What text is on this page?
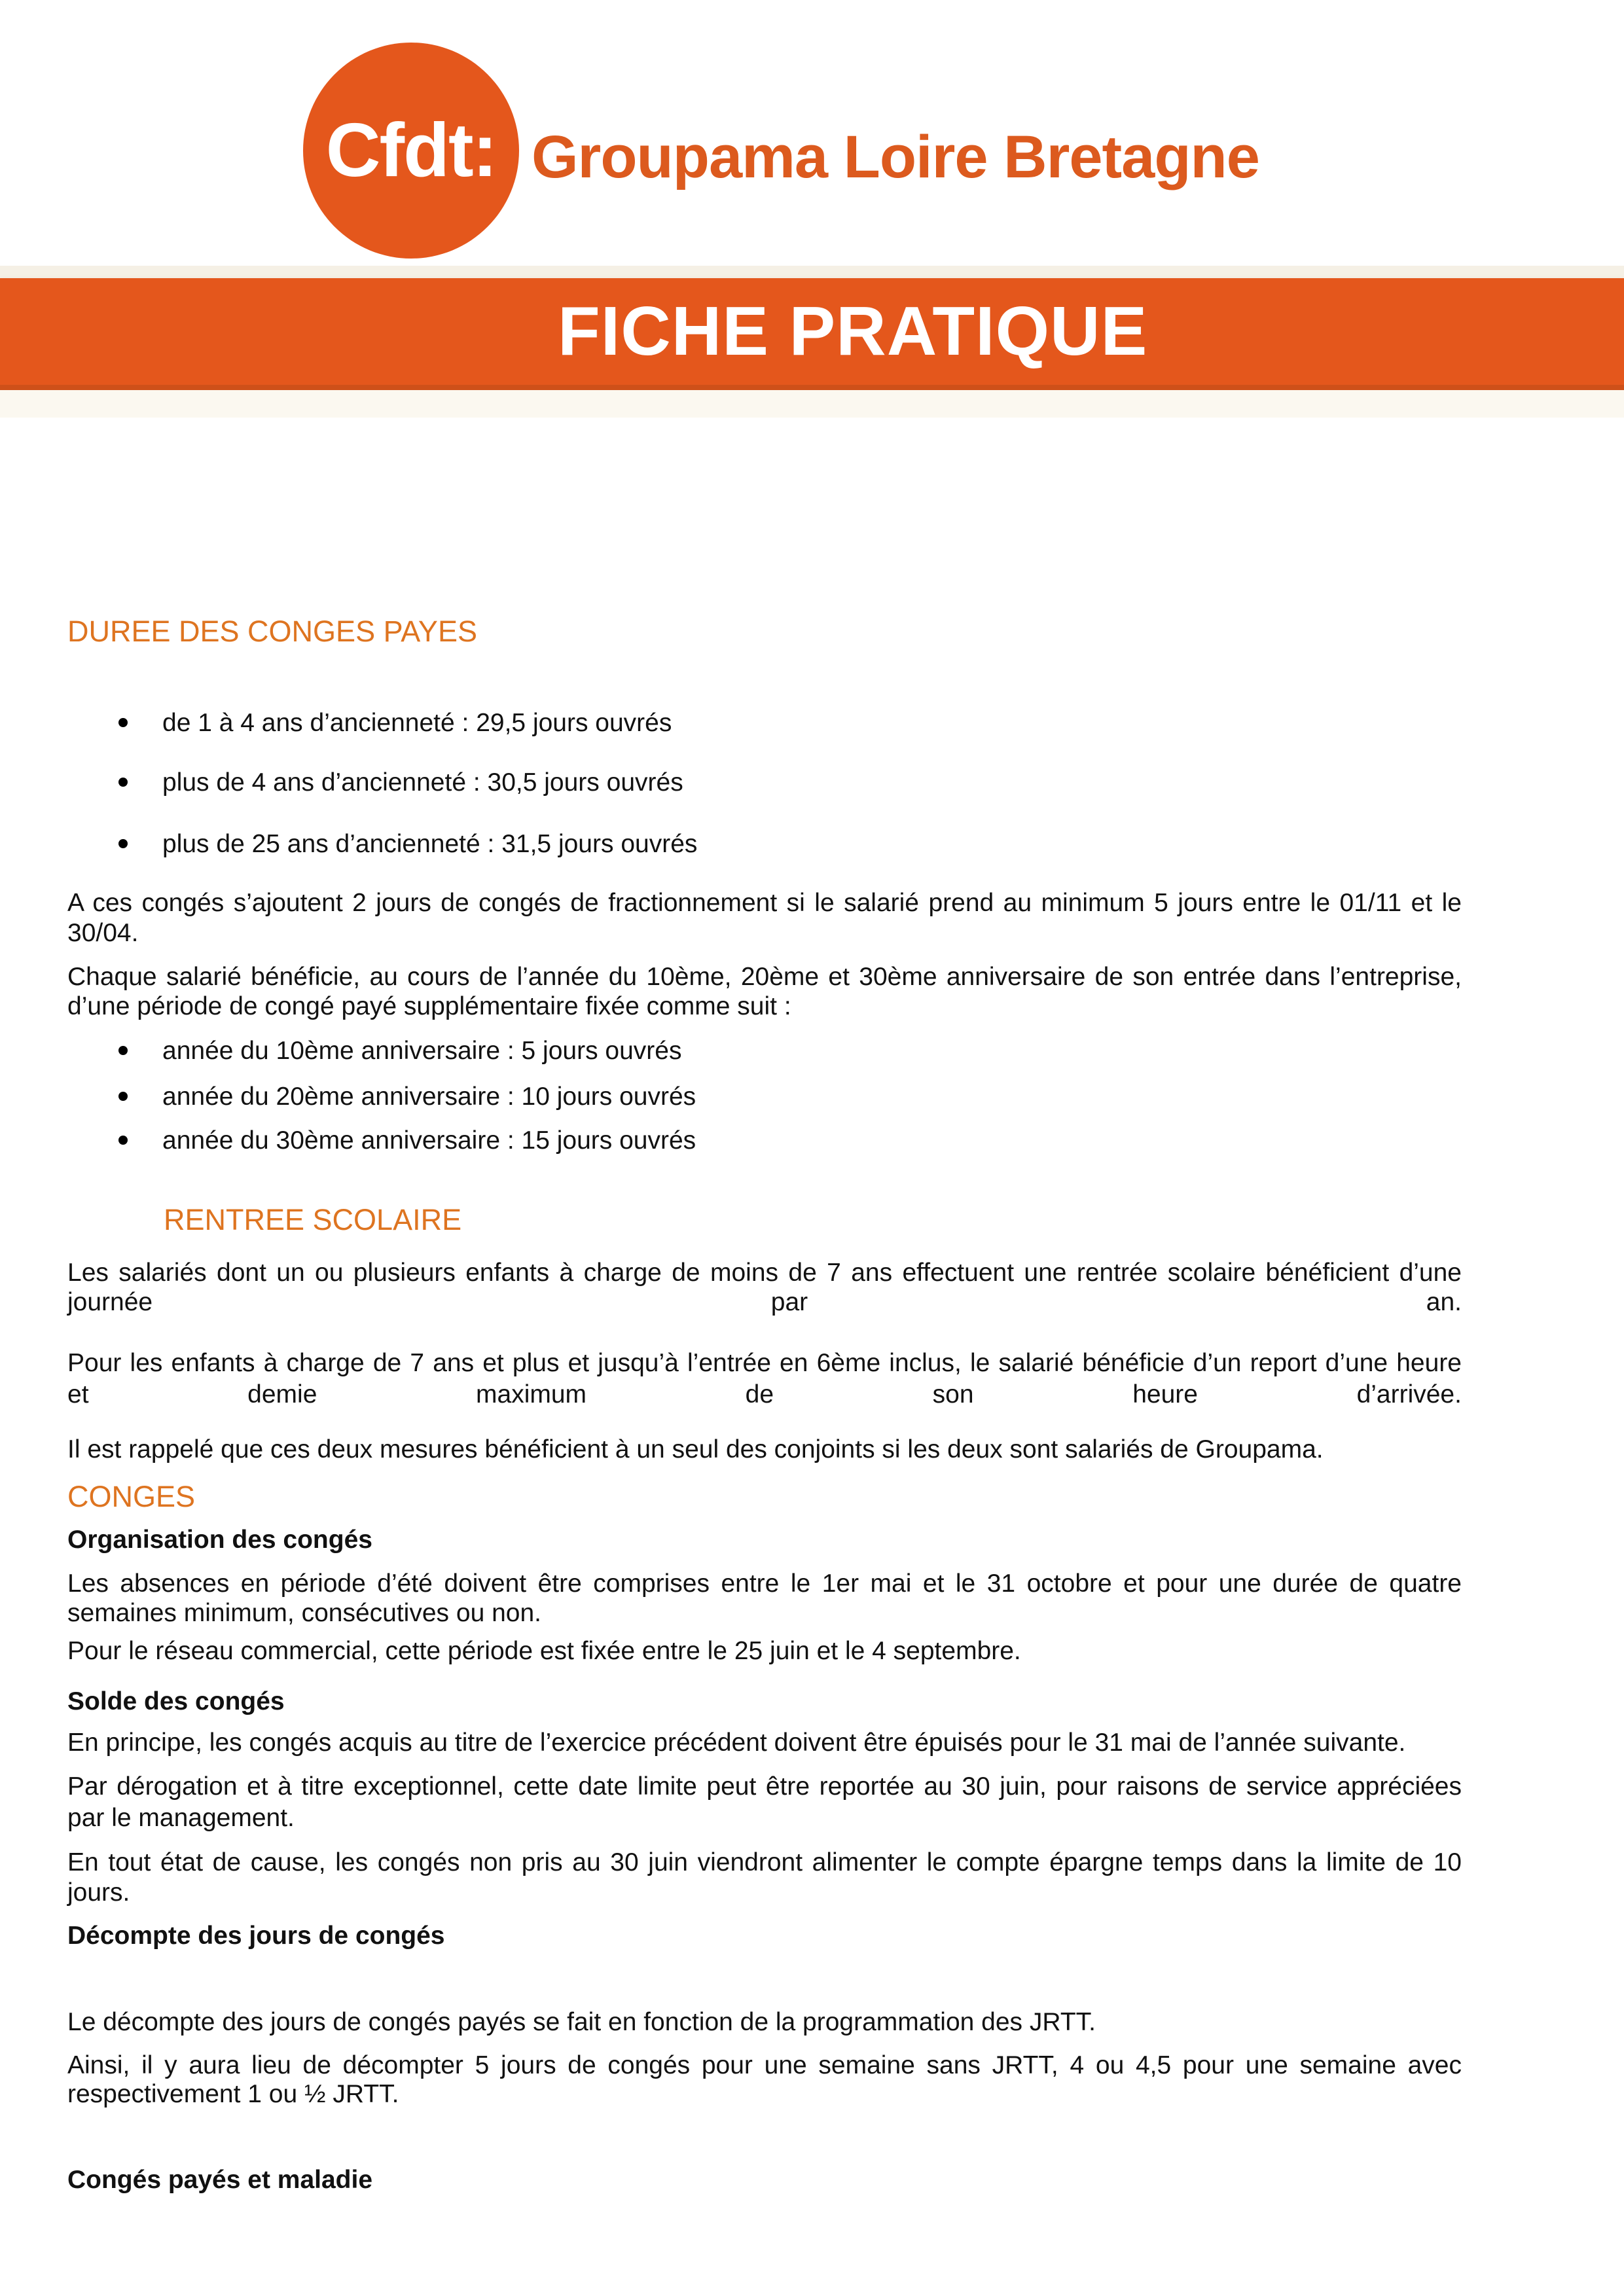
Cfdt: Groupama Loire Bretagne
FICHE PRATIQUE
DUREE DES CONGES PAYES
de 1 à 4 ans d’ancienneté : 29,5 jours ouvrés
plus de 4 ans d’ancienneté : 30,5 jours ouvrés
plus de 25 ans d’ancienneté : 31,5 jours ouvrés
A ces congés s’ajoutent 2 jours de congés de fractionnement si le salarié prend au minimum 5 jours entre le 01/11 et le
30/04.
Chaque salarié bénéficie, au cours de l’année du 10ème, 20ème et 30ème anniversaire de son entrée dans l’entreprise,
d’une période de congé payé supplémentaire fixée comme suit :
année du 10ème anniversaire : 5 jours ouvrés
année du 20ème anniversaire : 10 jours ouvrés
année du 30ème anniversaire : 15 jours ouvrés
RENTREE SCOLAIRE
Les salariés dont un ou plusieurs enfants à charge de moins de 7 ans effectuent une rentrée scolaire bénéficient d’une
journée	par	an.
Pour les enfants à charge de 7 ans et plus et jusqu’à l’entrée en 6ème inclus, le salarié bénéficie d’un report d’une heure
et	demie	maximum	de	son	heure	d’arrivée.
Il est rappelé que ces deux mesures bénéficient à un seul des conjoints si les deux sont salariés de Groupama.
CONGES
Organisation des congés
Les absences en période d’été doivent être comprises entre le 1er mai et le 31 octobre et pour une durée de quatre
semaines minimum, consécutives ou non.
Pour le réseau commercial, cette période est fixée entre le 25 juin et le 4 septembre.
Solde des congés
En principe, les congés acquis au titre de l’exercice précédent doivent être épuisés pour le 31 mai de l’année suivante.
Par dérogation et à titre exceptionnel, cette date limite peut être reportée au 30 juin, pour raisons de service appréciées
par le management.
En tout état de cause, les congés non pris au 30 juin viendront alimenter le compte épargne temps dans la limite de 10
jours.
Décompte des jours de congés
Le décompte des jours de congés payés se fait en fonction de la programmation des JRTT.
Ainsi, il y aura lieu de décompter 5 jours de congés pour une semaine sans JRTT, 4 ou 4,5 pour une semaine avec
respectivement 1 ou ½ JRTT.
Congés payés et maladie
